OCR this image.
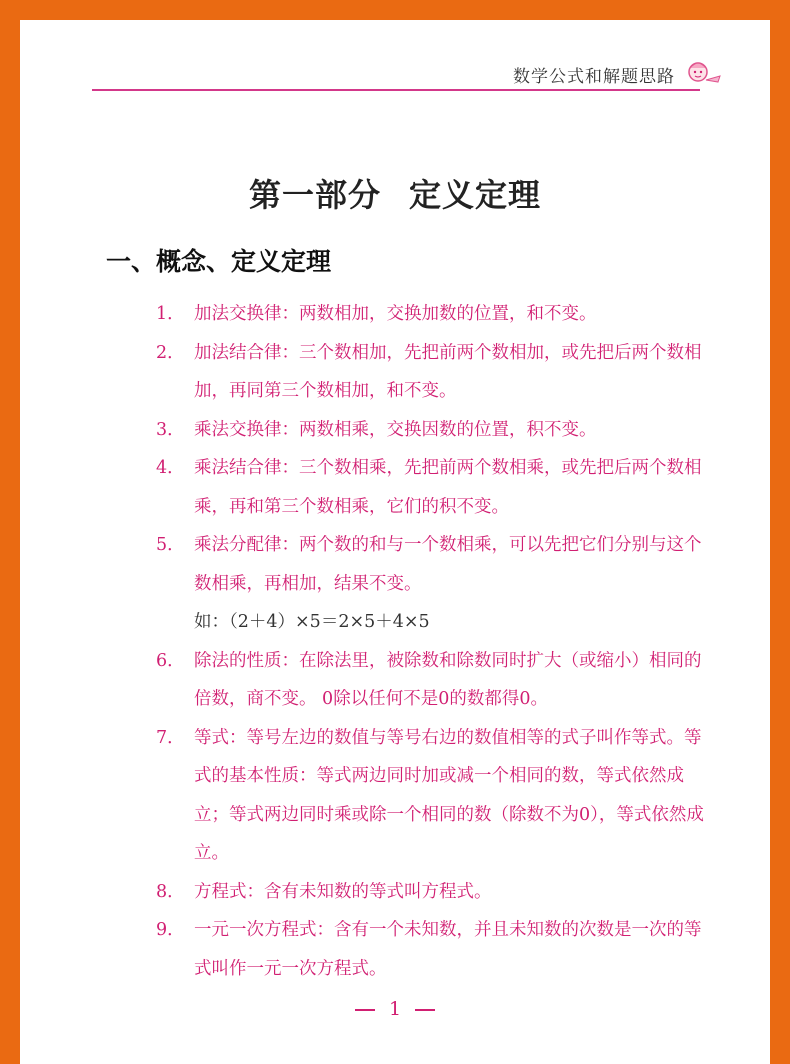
数学公式和解题思路
第一部分 定义定理
一、概念、定义定理
1． 加法交换律：两数相加，交换加数的位置，和不变。
2． 加法结合律：三个数相加，先把前两个数相加，或先把后两个数相加，再同第三个数相加，和不变。
3． 乘法交换律：两数相乘，交换因数的位置，积不变。
4． 乘法结合律：三个数相乘，先把前两个数相乘，或先把后两个数相乘，再和第三个数相乘，它们的积不变。
5． 乘法分配律：两个数的和与一个数相乘，可以先把它们分别与这个数相乘，再相加，结果不变。
如：（2＋4）×5＝2×5＋4×5
6． 除法的性质：在除法里，被除数和除数同时扩大（或缩小）相同的倍数，商不变。 0除以任何不是0的数都得0。
7． 等式：等号左边的数值与等号右边的数值相等的式子叫作等式。等式的基本性质：等式两边同时加或减一个相同的数，等式依然成立；等式两边同时乘或除一个相同的数（除数不为0），等式依然成立。
8． 方程式：含有未知数的等式叫方程式。
9． 一元一次方程式：含有一个未知数，并且未知数的次数是一次的等式叫作一元一次方程式。
1
